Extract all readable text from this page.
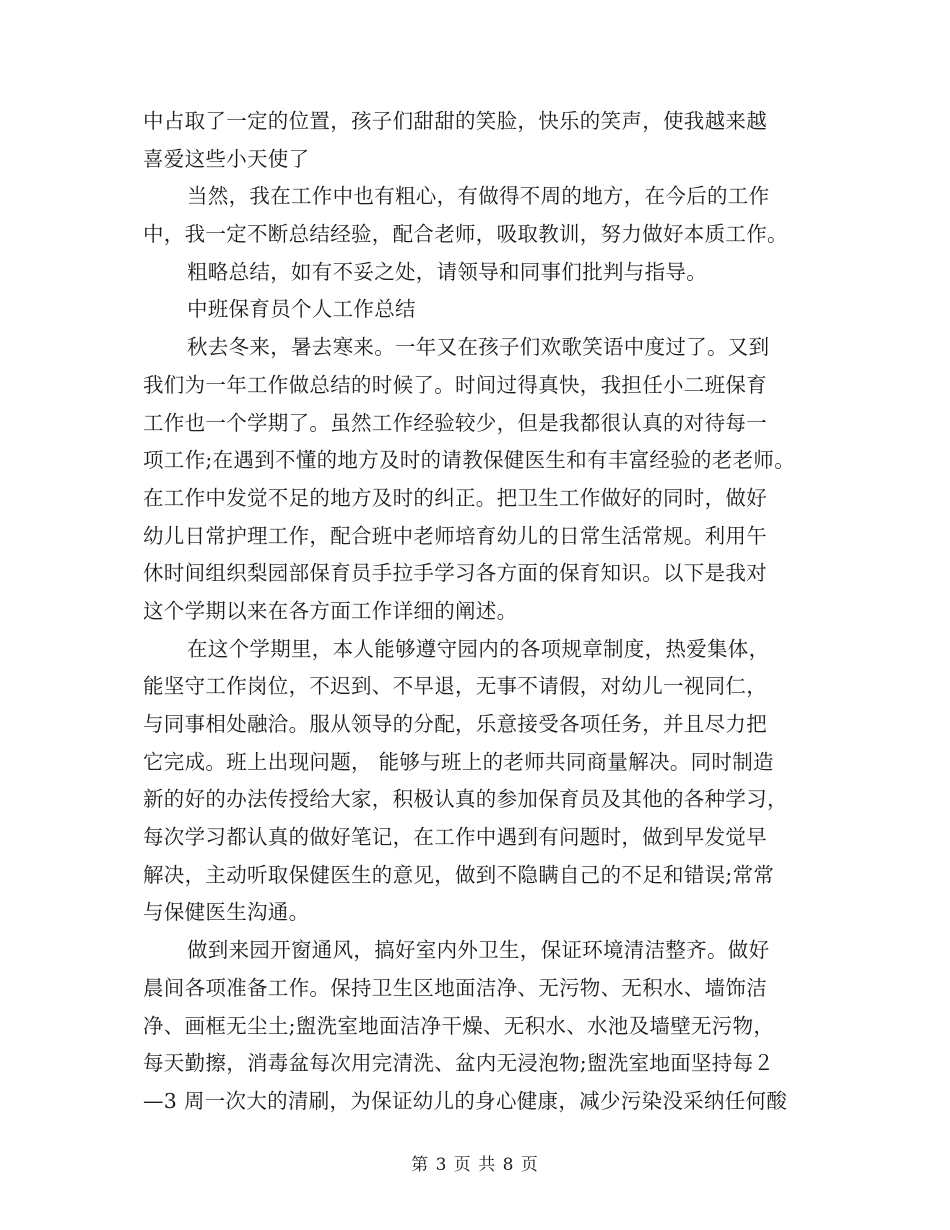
中占取了一定的位置，孩子们甜甜的笑脸，快乐的笑声，使我越来越
喜爱这些小天使了
当然，我在工作中也有粗心，有做得不周的地方，在今后的工作
中，我一定不断总结经验，配合老师，吸取教训，努力做好本质工作。
粗略总结，如有不妥之处，请领导和同事们批判与指导。
中班保育员个人工作总结
秋去冬来，暑去寒来。一年又在孩子们欢歌笑语中度过了。又到
我们为一年工作做总结的时候了。时间过得真快，我担任小二班保育
工作也一个学期了。虽然工作经验较少，但是我都很认真的对待每一
项工作;在遇到不懂的地方及时的请教保健医生和有丰富经验的老老师。
在工作中发觉不足的地方及时的纠正。把卫生工作做好的同时，做好
幼儿日常护理工作，配合班中老师培育幼儿的日常生活常规。利用午
休时间组织梨园部保育员手拉手学习各方面的保育知识。以下是我对
这个学期以来在各方面工作详细的阐述。
在这个学期里，本人能够遵守园内的各项规章制度，热爱集体，
能坚守工作岗位，不迟到、不早退，无事不请假，对幼儿一视同仁，
与同事相处融洽。服从领导的分配，乐意接受各项任务，并且尽力把
它完成。班上出现问题， 能够与班上的老师共同商量解决。同时制造
新的好的办法传授给大家，积极认真的参加保育员及其他的各种学习，
每次学习都认真的做好笔记，在工作中遇到有问题时，做到早发觉早
解决，主动听取保健医生的意见，做到不隐瞒自己的不足和错误;常常
与保健医生沟通。
做到来园开窗通风，搞好室内外卫生，保证环境清洁整齐。做好
晨间各项准备工作。保持卫生区地面洁净、无污物、无积水、墙饰洁
净、画框无尘土;盥洗室地面洁净干燥、无积水、水池及墙壁无污物，
每天勤擦，消毒盆每次用完清洗、盆内无浸泡物;盥洗室地面坚持每２
—3 周一次大的清刷，为保证幼儿的身心健康，减少污染没采纳任何酸
第 3 页 共 8 页
